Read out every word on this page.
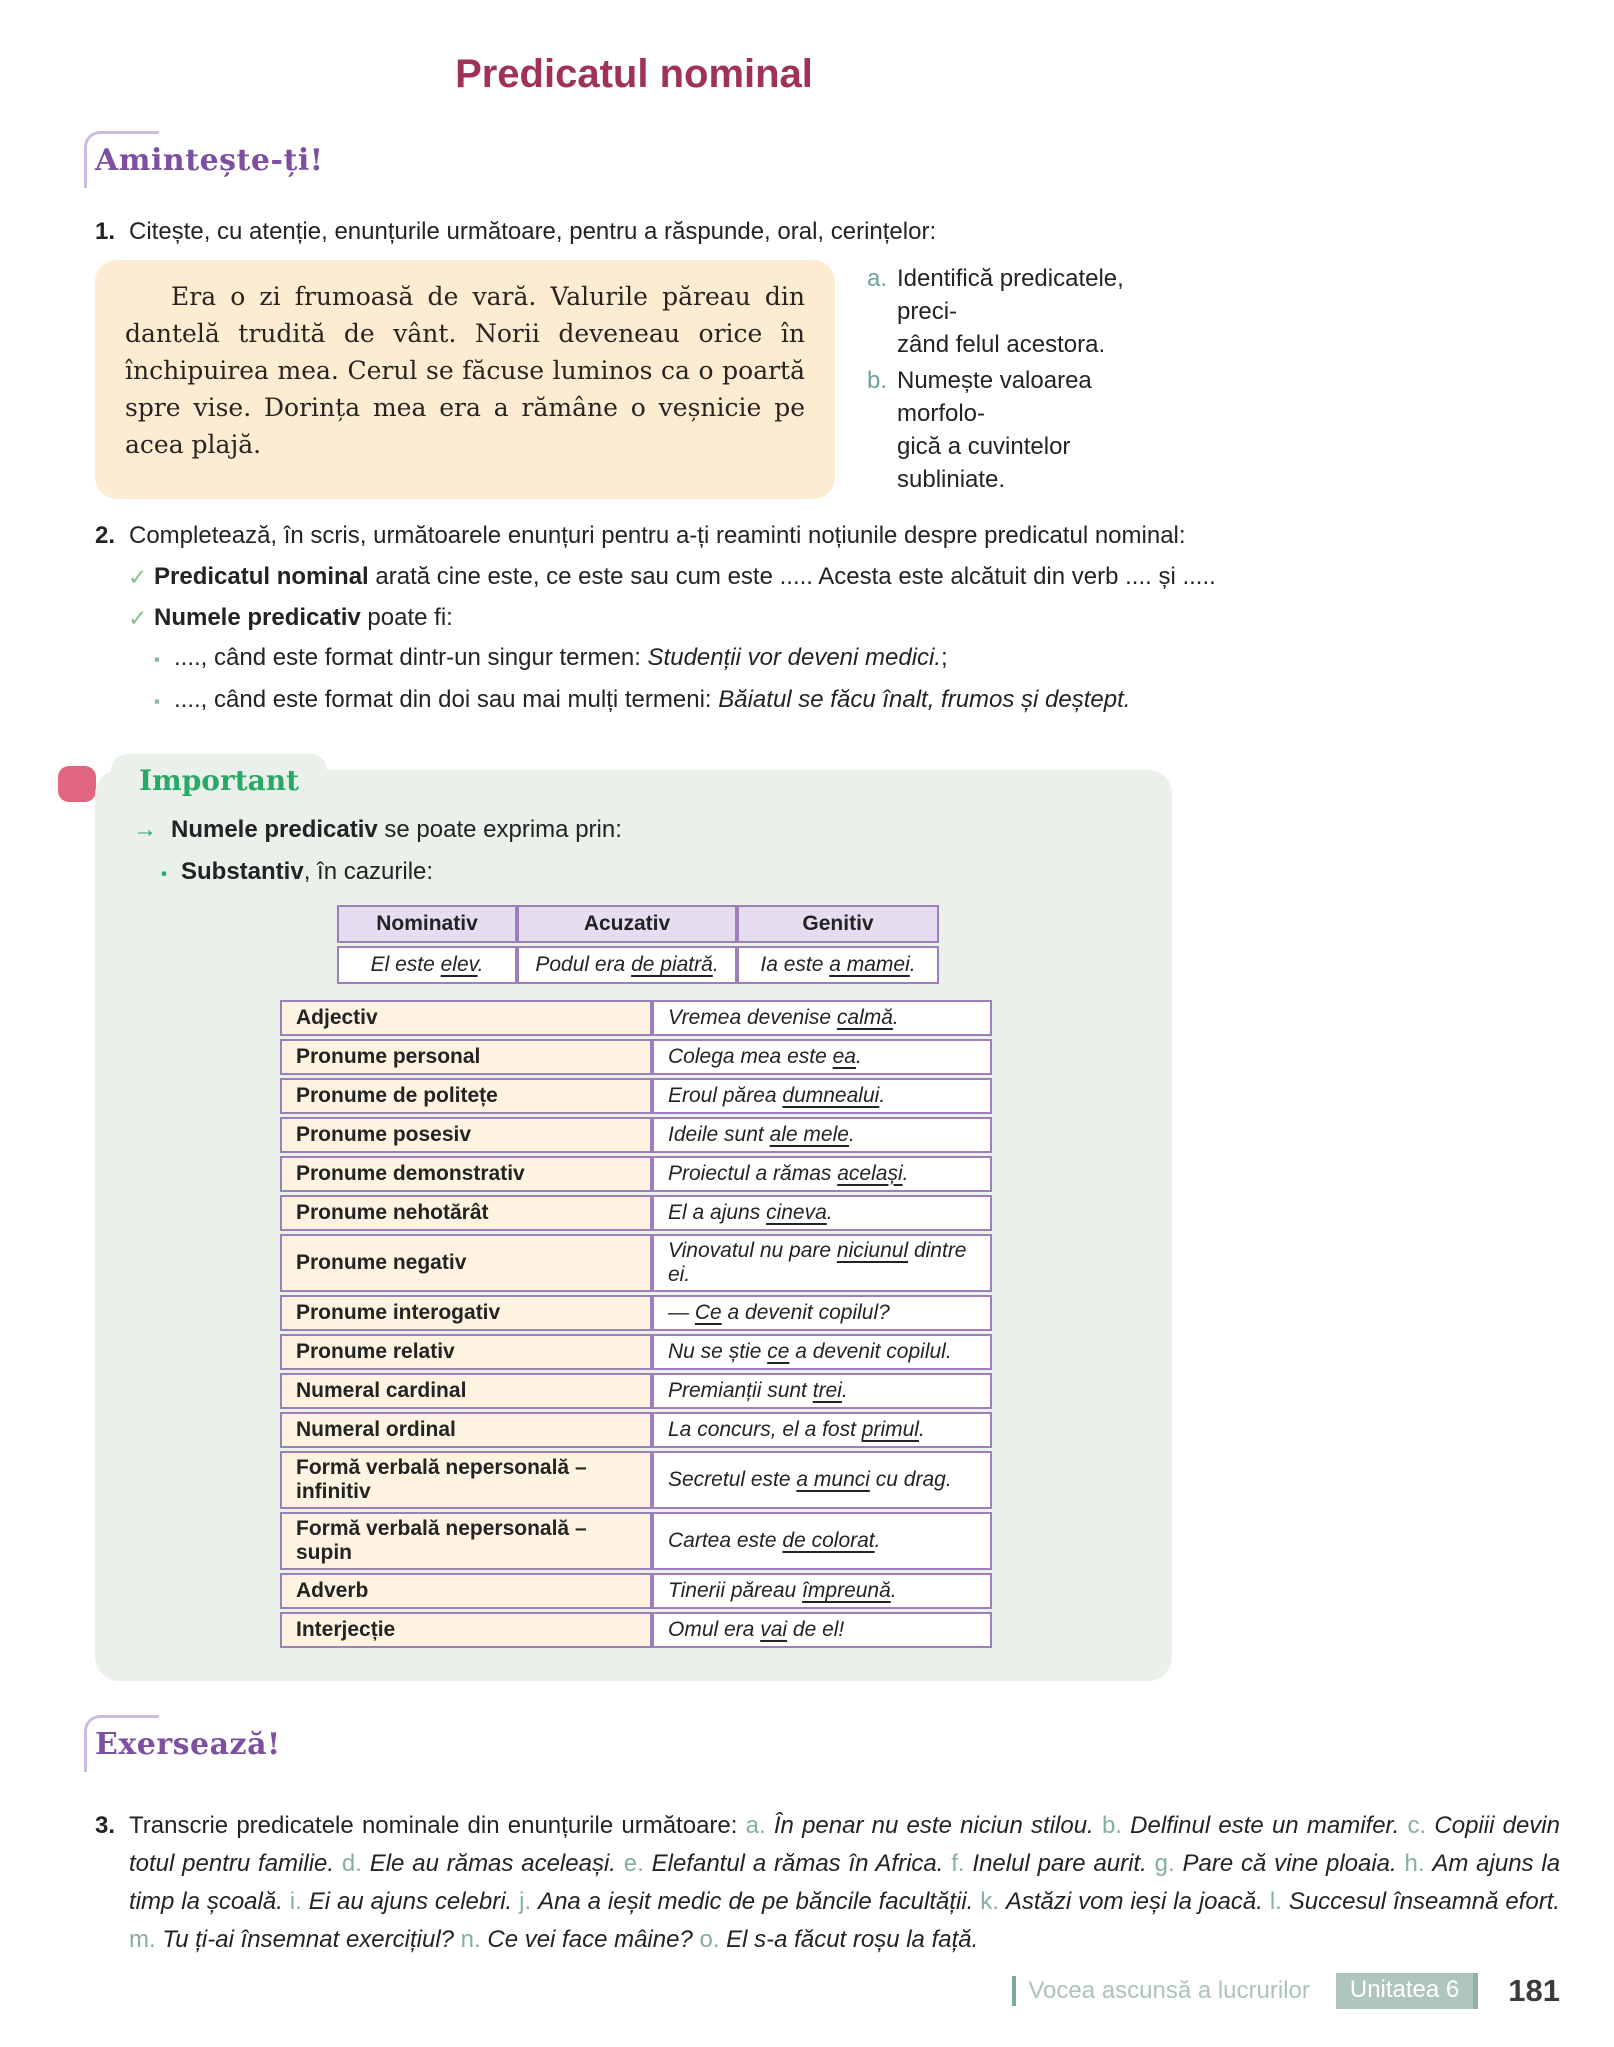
Predicatul nominal
Amintește-ți!
1. Citește, cu atenție, enunțurile următoare, pentru a răspunde, oral, cerințelor:
Era o zi frumoasă de vară. Valurile păreau din dantelă trudită de vânt. Norii deveneau orice în închipuirea mea. Cerul se făcuse luminos ca o poartă spre vise. Dorința mea era a rămâne o veșnicie pe acea plajă.
a. Identifică predicatele, preci-
zând felul acestora.
b. Numește valoarea morfolo-
gică a cuvintelor subliniate.
2. Completează, în scris, următoarele enunțuri pentru a-ți reaminti noțiunile despre predicatul nominal:
✓ Predicatul nominal arată cine este, ce este sau cum este ..... Acesta este alcătuit din verb .... și .....
✓ Numele predicativ poate fi:
▪ ...., când este format dintr-un singur termen: Studenții vor deveni medici.;
▪ ...., când este format din doi sau mai mulți termeni: Băiatul se făcu înalt, frumos și deștept.
Important
→ Numele predicativ se poate exprima prin:
▪ Substantiv, în cazurile:
Nominativ	Acuzativ	Genitiv
El este elev.	Podul era de piatră.	Ia este a mamei.
Adjectiv	Vremea devenise calmă.
Pronume personal	Colega mea este ea.
Pronume de politețe	Eroul părea dumnealui.
Pronume posesiv	Ideile sunt ale mele.
Pronume demonstrativ	Proiectul a rămas același.
Pronume nehotărât	El a ajuns cineva.
Pronume negativ	Vinovatul nu pare niciunul dintre ei.
Pronume interogativ	— Ce a devenit copilul?
Pronume relativ	Nu se știe ce a devenit copilul.
Numeral cardinal	Premianții sunt trei.
Numeral ordinal	La concurs, el a fost primul.
Formă verbală nepersonală – infinitiv	Secretul este a munci cu drag.
Formă verbală nepersonală – supin	Cartea este de colorat.
Adverb	Tinerii păreau împreună.
Interjecție	Omul era vai de el!
Exersează!
3. Transcrie predicatele nominale din enunțurile următoare: a. În penar nu este niciun stilou. b. Delfinul este un mamifer. c. Copiii devin totul pentru familie. d. Ele au rămas aceleași. e. Elefantul a rămas în Africa. f. Inelul pare aurit. g. Pare că vine ploaia. h. Am ajuns la timp la școală. i. Ei au ajuns celebri. j. Ana a ieșit medic de pe băncile facultății. k. Astăzi vom ieși la joacă. l. Succesul înseamnă efort. m. Tu ți-ai însemnat exercițiul? n. Ce vei face mâine? o. El s-a făcut roșu la față.
Vocea ascunsă a lucrurilor	Unitatea 6	181
